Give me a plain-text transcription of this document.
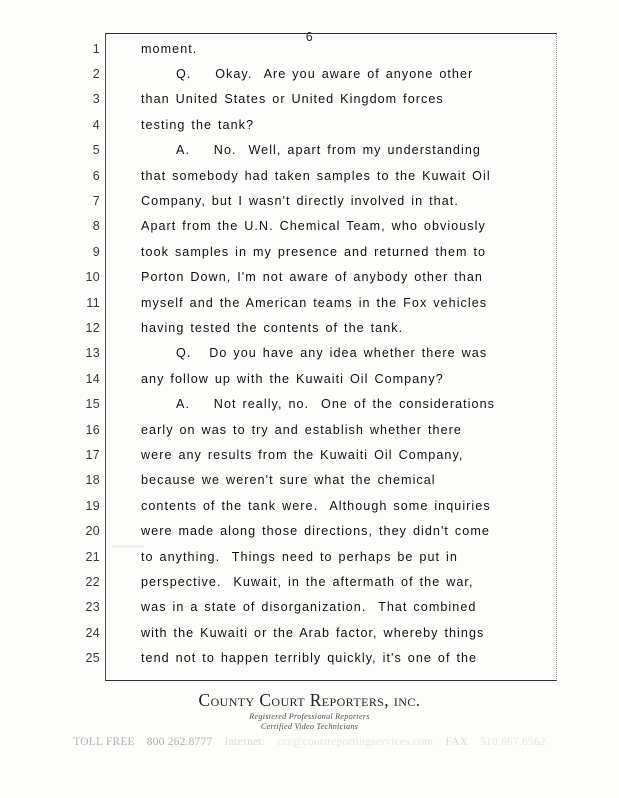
6
1	moment.
2	Q.    Okay.  Are you aware of anyone other
3	than United States or United Kingdom forces
4	testing the tank?
5	A.    No.  Well, apart from my understanding
6	that somebody had taken samples to the Kuwait Oil
7	Company, but I wasn't directly involved in that.
8	Apart from the U.N. Chemical Team, who obviously
9	took samples in my presence and returned them to
10	Porton Down, I'm not aware of anybody other than
11	myself and the American teams in the Fox vehicles
12	having tested the contents of the tank.
13	Q.   Do you have any idea whether there was
14	any follow up with the Kuwaiti Oil Company?
15	A.    Not really, no.  One of the considerations
16	early on was to try and establish whether there
17	were any results from the Kuwaiti Oil Company,
18	because we weren't sure what the chemical
19	contents of the tank were.  Although some inquiries
20	were made along those directions, they didn't come
21	to anything.  Things need to perhaps be put in
22	perspective.  Kuwait, in the aftermath of the war,
23	was in a state of disorganization.  That combined
24	with the Kuwaiti or the Arab factor, whereby things
25	tend not to happen terribly quickly, it's one of the
County Court Reporters, inc.
Registered Professional Reporters
Certified Video Technicians
TOLL FREE	800 262.8777	Internet:	ccr@courtreportingservices.com	FAX	510.667.6562
